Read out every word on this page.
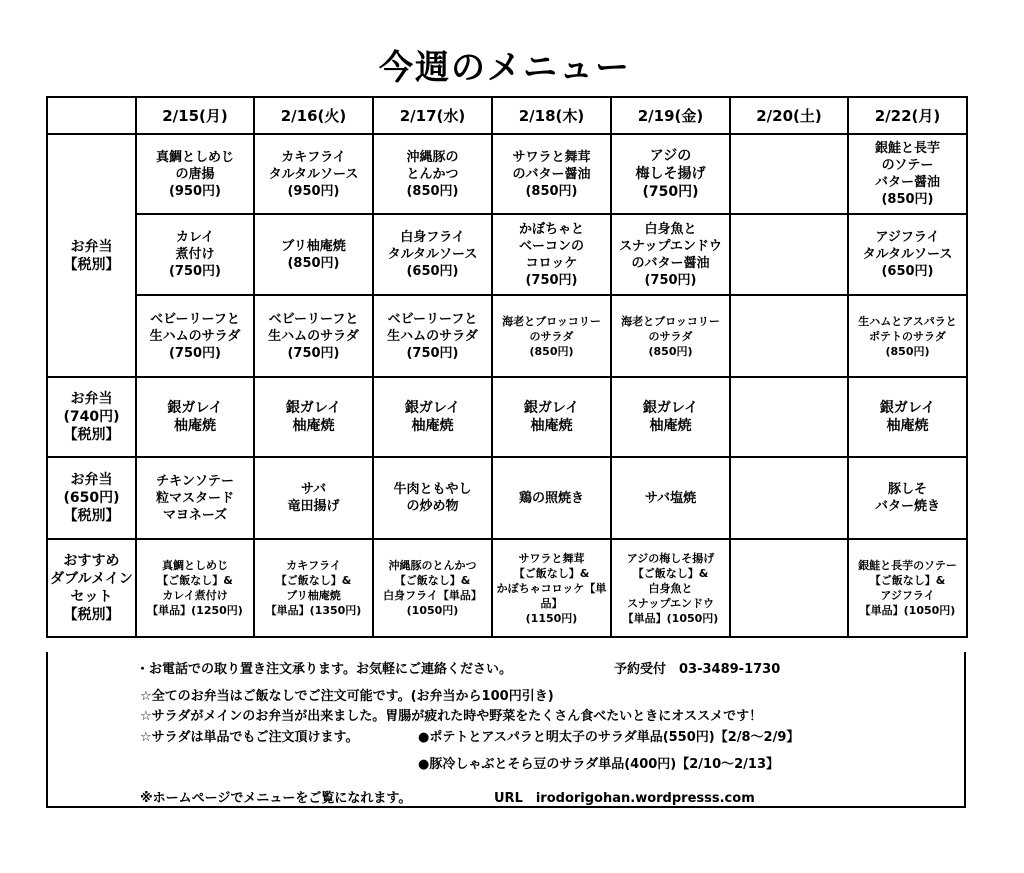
今週のメニュー
	2/15(月)	2/16(火)	2/17(水)	2/18(木)	2/19(金)	2/20(土)	2/22(月)
お弁当
【税別】	真鯛としめじ
の唐揚
(950円)	カキフライ
タルタルソース
(950円)	沖縄豚の
とんかつ
(850円)	サワラと舞茸
のバター醤油
(850円)	アジの
梅しそ揚げ
(750円)		銀鮭と長芋
のソテー
バター醤油
(850円)
	カレイ
煮付け
(750円)	ブリ柚庵焼
(850円)	白身フライ
タルタルソース
(650円)	かぼちゃと
ベーコンの
コロッケ
(750円)	白身魚と
スナップエンドウ
のバター醤油
(750円)		アジフライ
タルタルソース
(650円)
	ベビーリーフと
生ハムのサラダ
(750円)	ベビーリーフと
生ハムのサラダ
(750円)	ベビーリーフと
生ハムのサラダ
(750円)	海老とブロッコリー
のサラダ
(850円)	海老とブロッコリー
のサラダ
(850円)		生ハムとアスパラと
ポテトのサラダ
(850円)
お弁当
(740円)
【税別】	銀ガレイ
柚庵焼	銀ガレイ
柚庵焼	銀ガレイ
柚庵焼	銀ガレイ
柚庵焼	銀ガレイ
柚庵焼		銀ガレイ
柚庵焼
お弁当
(650円)
【税別】	チキンソテー
粒マスタード
マヨネーズ	サバ
竜田揚げ	牛肉ともやし
の炒め物	鶏の照焼き	サバ塩焼		豚しそ
バター焼き
おすすめ
ダブルメイン
セット
【税別】	真鯛としめじ
【ご飯なし】&
カレイ煮付け
【単品】(1250円)	カキフライ
【ご飯なし】&
ブリ柚庵焼
【単品】(1350円)	沖縄豚のとんかつ
【ご飯なし】&
白身フライ【単品】
(1050円)	サワラと舞茸
【ご飯なし】&
かぼちゃコロッケ【単
品】
(1150円)	アジの梅しそ揚げ
【ご飯なし】&
白身魚と
スナップエンドウ
【単品】(1050円)		銀鮭と長芋のソテー
【ご飯なし】&
アジフライ
【単品】(1050円)
・お電話での取り置き注文承ります。お気軽にご連絡ください。	予約受付　03-3489-1730
☆全てのお弁当はご飯なしでご注文可能です。(お弁当から100円引き)
☆サラダがメインのお弁当が出来ました。胃腸が疲れた時や野菜をたくさん食べたいときにオススメです！
☆サラダは単品でもご注文頂けます。	●ポテトとアスパラと明太子のサラダ単品(550円)【2/8～2/9】
●豚冷しゃぶとそら豆のサラダ単品(400円)【2/10～2/13】
※ホームページでメニューをご覧になれます。	URL　irodorigohan.wordpresss.com
